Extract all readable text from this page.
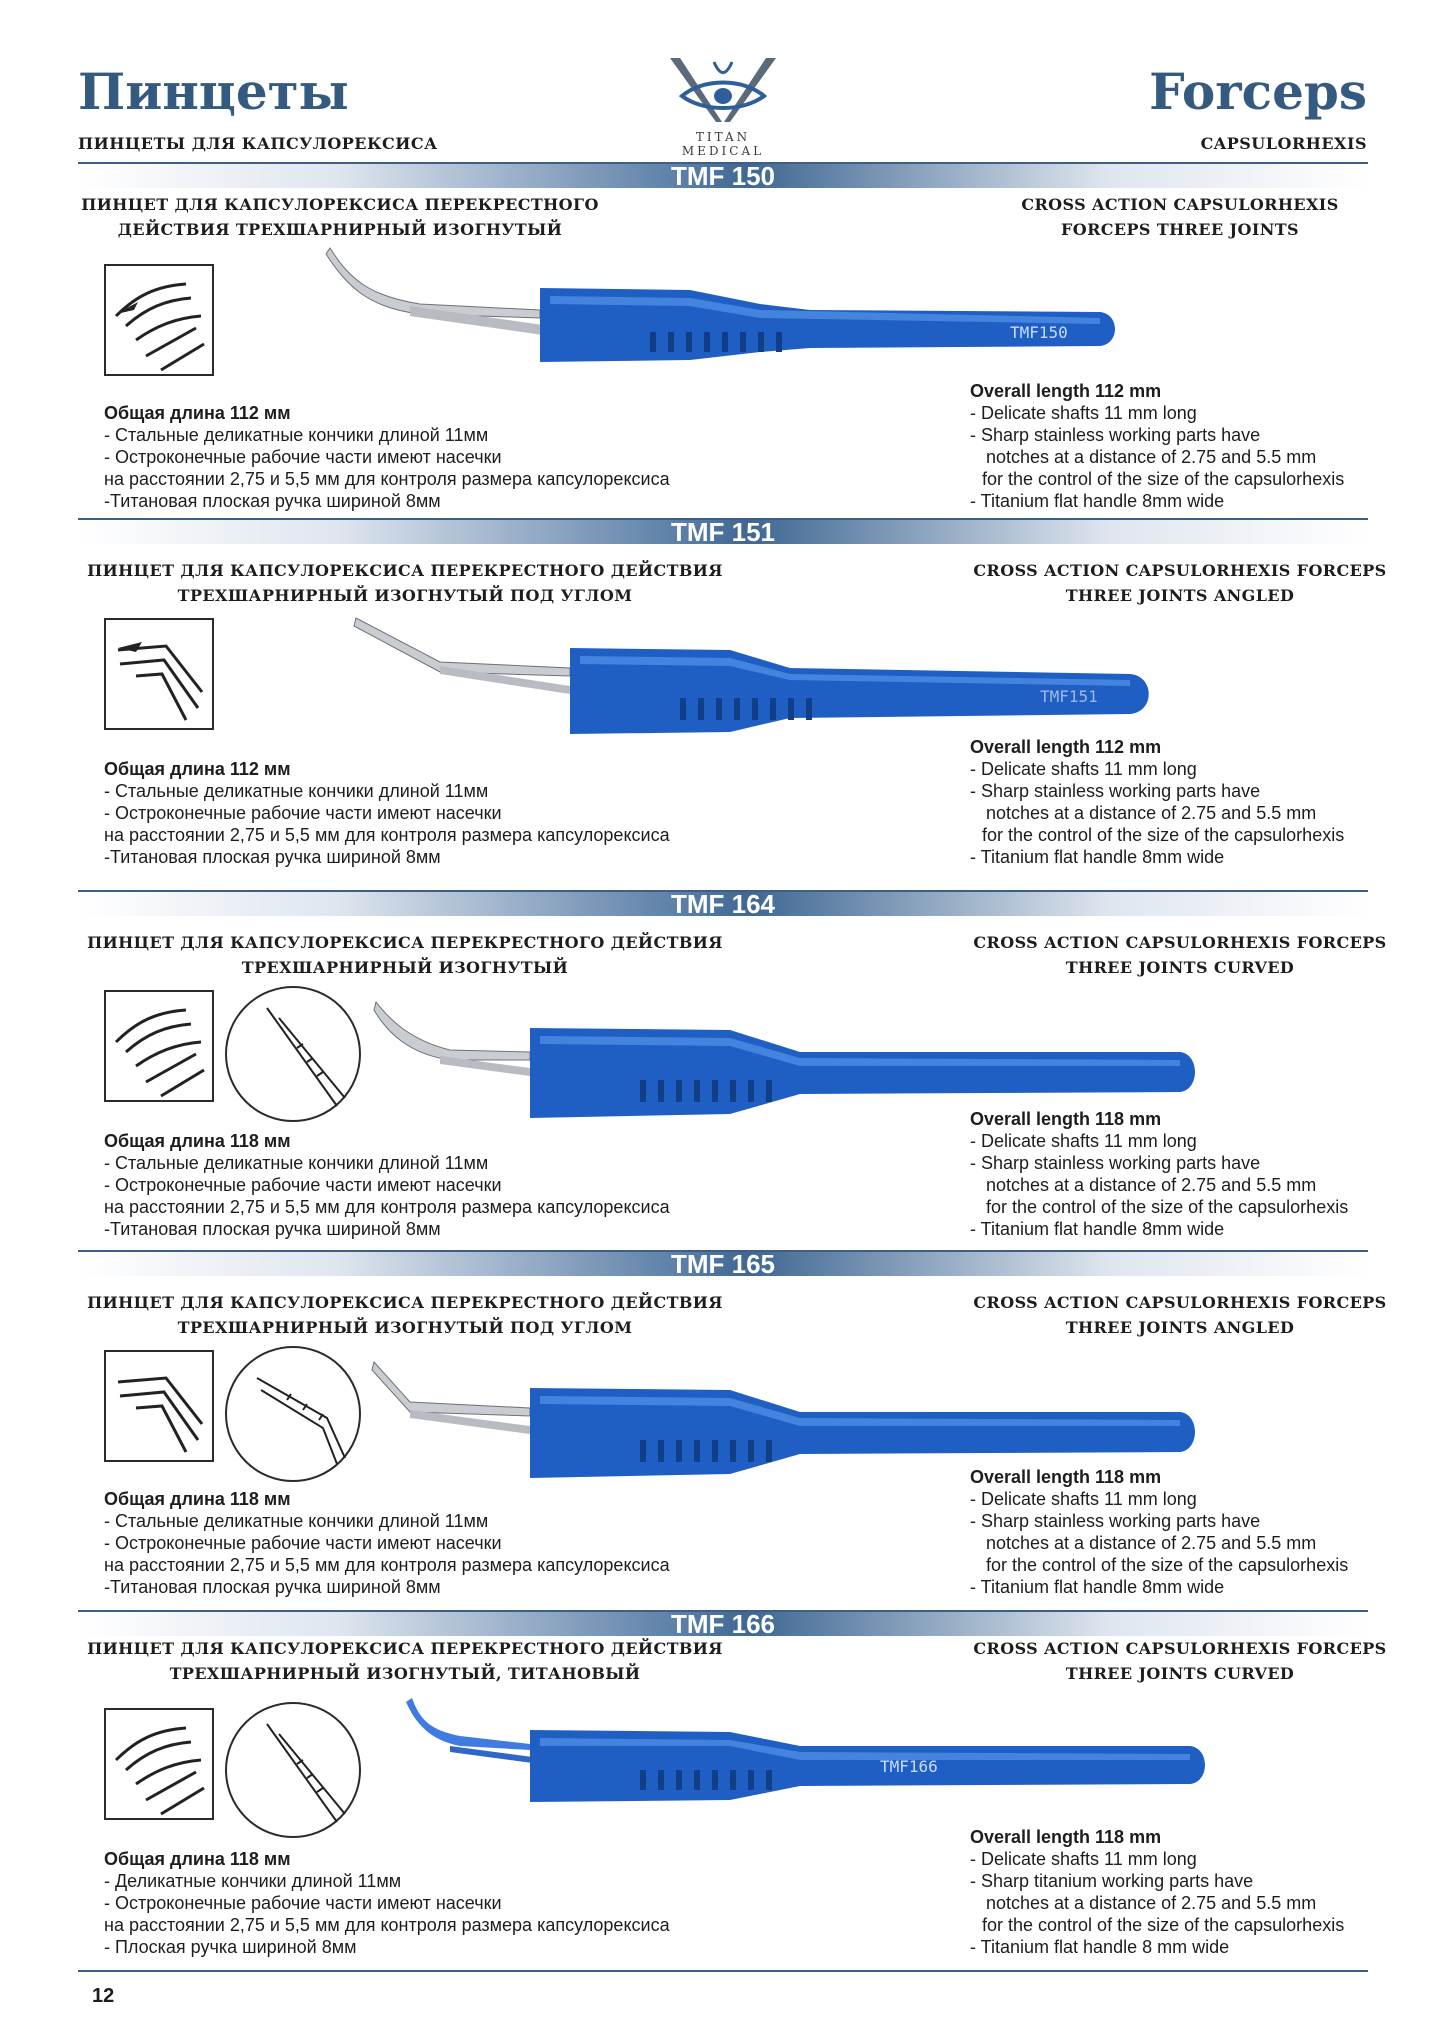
Пинцеты	Forceps
ПИНЦЕТЫ ДЛЯ КАПСУЛОРЕКСИСА	CAPSULORHEXIS
TITAN
MEDICAL
TMF 150
ПИНЦЕТ ДЛЯ КАПСУЛОРЕКСИСА ПЕРЕКРЕСТНОГО
ДЕЙСТВИЯ ТРЕХШАРНИРНЫЙ ИЗОГНУТЫЙ
CROSS ACTION CAPSULORHEXIS
FORCEPS THREE JOINTS
TMF150
Общая длина 112 мм
- Стальные деликатные кончики длиной 11мм
- Остроконечные рабочие части имеют насечки
на расстоянии 2,75 и 5,5 мм для контроля размера капсулорексиса
-Титановая плоская ручка шириной 8мм
Overall length 112 mm
- Delicate shafts 11 mm long
- Sharp stainless working parts have
notches at a distance of 2.75 and 5.5 mm
for the control of the size of the capsulorhexis
- Titanium flat handle 8mm wide
TMF 151
ПИНЦЕТ ДЛЯ КАПСУЛОРЕКСИСА ПЕРЕКРЕСТНОГО ДЕЙСТВИЯ
ТРЕХШАРНИРНЫЙ ИЗОГНУТЫЙ ПОД УГЛОМ
CROSS ACTION CAPSULORHEXIS FORCEPS
THREE JOINTS ANGLED
TMF151
Общая длина 112 мм
- Стальные деликатные кончики длиной 11мм
- Остроконечные рабочие части имеют насечки
на расстоянии 2,75 и 5,5 мм для контроля размера капсулорексиса
-Титановая плоская ручка шириной 8мм
Overall length 112 mm
- Delicate shafts 11 mm long
- Sharp stainless working parts have
notches at a distance of 2.75 and 5.5 mm
for the control of the size of the capsulorhexis
- Titanium flat handle 8mm wide
TMF 164
ПИНЦЕТ ДЛЯ КАПСУЛОРЕКСИСА ПЕРЕКРЕСТНОГО ДЕЙСТВИЯ
ТРЕХШАРНИРНЫЙ ИЗОГНУТЫЙ
CROSS ACTION CAPSULORHEXIS FORCEPS
THREE JOINTS CURVED
Общая длина 118 мм
- Стальные деликатные кончики длиной 11мм
- Остроконечные рабочие части имеют насечки
на расстоянии 2,75 и 5,5 мм для контроля размера капсулорексиса
-Титановая плоская ручка шириной 8мм
Overall length 118 mm
- Delicate shafts 11 mm long
- Sharp stainless working parts have
notches at a distance of 2.75 and 5.5 mm
for the control of the size of the capsulorhexis
- Titanium flat handle 8mm wide
TMF 165
ПИНЦЕТ ДЛЯ КАПСУЛОРЕКСИСА ПЕРЕКРЕСТНОГО ДЕЙСТВИЯ
ТРЕХШАРНИРНЫЙ ИЗОГНУТЫЙ ПОД УГЛОМ
CROSS ACTION CAPSULORHEXIS FORCEPS
THREE JOINTS ANGLED
Общая длина 118 мм
- Стальные деликатные кончики длиной 11мм
- Остроконечные рабочие части имеют насечки
на расстоянии 2,75 и 5,5 мм для контроля размера капсулорексиса
-Титановая плоская ручка шириной 8мм
Overall length 118 mm
- Delicate shafts 11 mm long
- Sharp stainless working parts have
notches at a distance of 2.75 and 5.5 mm
for the control of the size of the capsulorhexis
- Titanium flat handle 8mm wide
TMF 166
ПИНЦЕТ ДЛЯ КАПСУЛОРЕКСИСА ПЕРЕКРЕСТНОГО ДЕЙСТВИЯ
ТРЕХШАРНИРНЫЙ ИЗОГНУТЫЙ, ТИТАНОВЫЙ
CROSS ACTION CAPSULORHEXIS FORCEPS
THREE JOINTS CURVED
TMF166
Общая длина 118 мм
- Деликатные кончики длиной 11мм
- Остроконечные рабочие части имеют насечки
на расстоянии 2,75 и 5,5 мм для контроля размера капсулорексиса
- Плоская ручка шириной 8мм
Overall length 118 mm
- Delicate shafts 11 mm long
- Sharp titanium working parts have
notches at a distance of 2.75 and 5.5 mm
for the control of the size of the capsulorhexis
- Titanium flat handle 8 mm wide
12
